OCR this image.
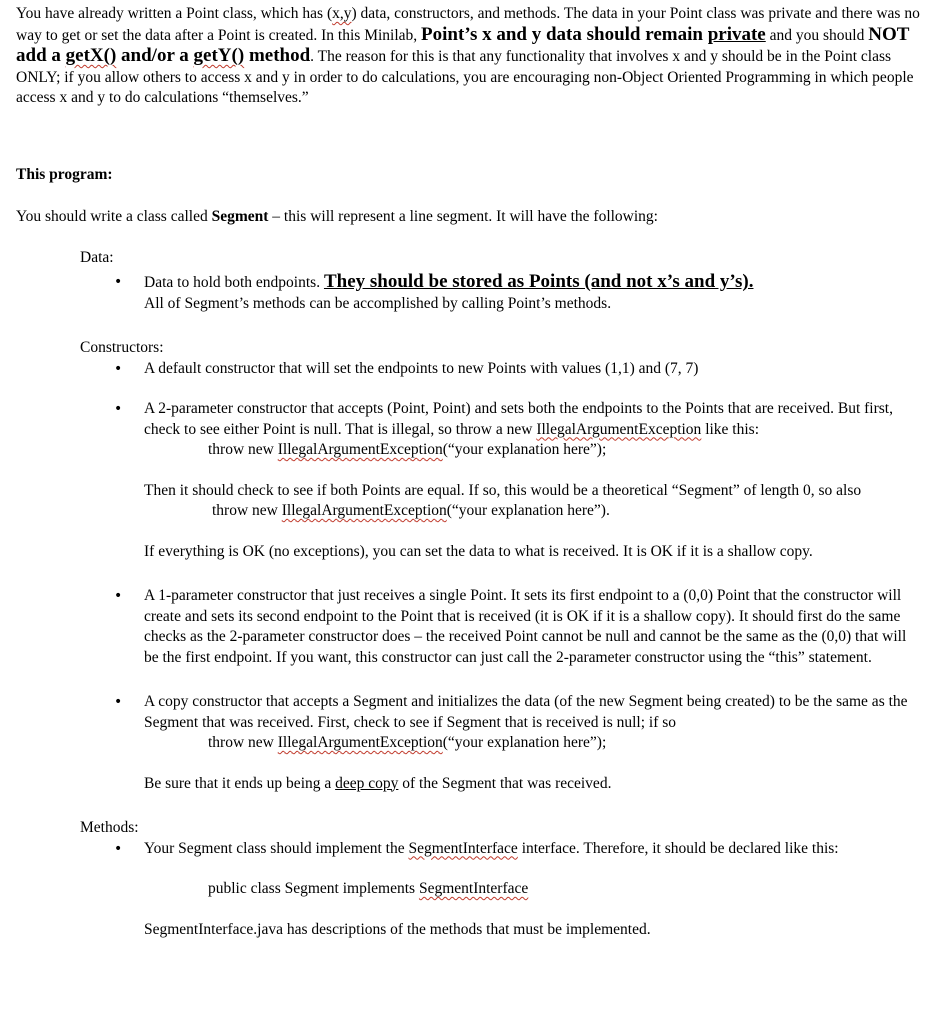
You have already written a Point class, which has (x,y) data, constructors, and methods. The data in your Point class was private and there was no way to get or set the data after a Point is created. In this Minilab, Point’s x and y data should remain private and you should NOT add a getX() and/or a getY() method. The reason for this is that any functionality that involves x and y should be in the Point class ONLY; if you allow others to access x and y in order to do calculations, you are encouraging non-Object Oriented Programming in which people access x and y to do calculations “themselves.”

This program:

You should write a class called Segment – this will represent a line segment. It will have the following:

Data:

• Data to hold both endpoints. They should be stored as Points (and not x’s and y’s).
All of Segment’s methods can be accomplished by calling Point’s methods.

Constructors:

• A default constructor that will set the endpoints to new Points with values (1,1) and (7, 7)
• A 2-parameter constructor that accepts (Point, Point) and sets both the endpoints to the Points that are received. But first, check to see either Point is null. That is illegal, so throw a new IllegalArgumentException like this:
throw new IllegalArgumentException(“your explanation here”);

Then it should check to see if both Points are equal. If so, this would be a theoretical “Segment” of length 0, so also

throw new IllegalArgumentException(“your explanation here”).

If everything is OK (no exceptions), you can set the data to what is received. It is OK if it is a shallow copy.

• A 1-parameter constructor that just receives a single Point. It sets its first endpoint to a (0,0) Point that the constructor will create and sets its second endpoint to the Point that is received (it is OK if it is a shallow copy). It should first do the same checks as the 2-parameter constructor does – the received Point cannot be null and cannot be the same as the (0,0) that will be the first endpoint. If you want, this constructor can just call the 2-parameter constructor using the “this” statement.
• A copy constructor that accepts a Segment and initializes the data (of the new Segment being created) to be the same as the Segment that was received. First, check to see if Segment that is received is null; if so
throw new IllegalArgumentException(“your explanation here”);

Be sure that it ends up being a deep copy of the Segment that was received.

Methods:

• Your Segment class should implement the SegmentInterface interface. Therefore, it should be declared like this:

public class Segment implements SegmentInterface

SegmentInterface.java has descriptions of the methods that must be implemented.
